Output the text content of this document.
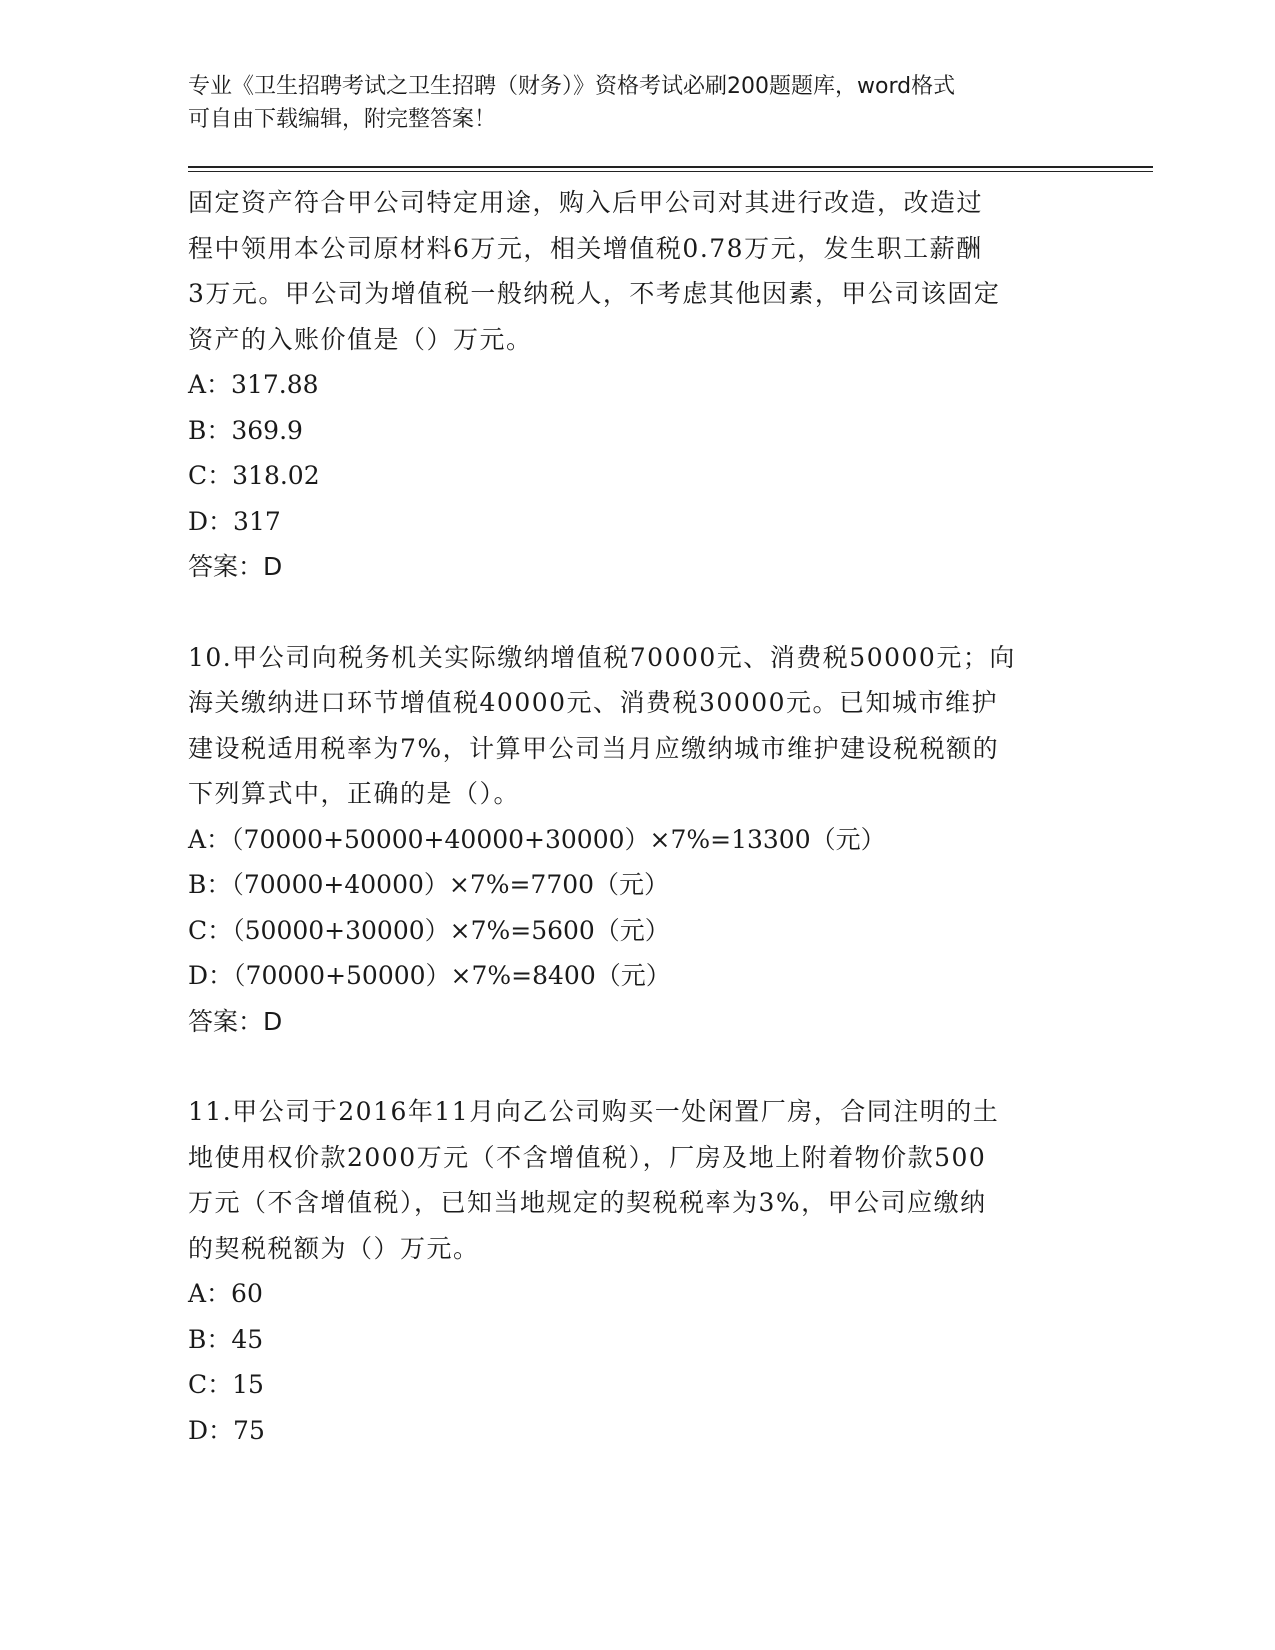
专业《卫生招聘考试之卫生招聘（财务）》资格考试必刷200题题库，word格式

可自由下载编辑，附完整答案！

固定资产符合甲公司特定用途，购入后甲公司对其进行改造，改造过

程中领用本公司原材料6万元，相关增值税0.78万元，发生职工薪酬

3万元。甲公司为增值税一般纳税人，不考虑其他因素，甲公司该固定

资产的入账价值是（）万元。

A：317.88

B：369.9

C：318.02

D：317

答案：D

10.甲公司向税务机关实际缴纳增值税70000元、消费税50000元；向

海关缴纳进口环节增值税40000元、消费税30000元。已知城市维护

建设税适用税率为7%，计算甲公司当月应缴纳城市维护建设税税额的

下列算式中，正确的是（）。

A：（70000+50000+40000+30000）×7%=13300（元）

B：（70000+40000）×7%=7700（元）

C：（50000+30000）×7%=5600（元）

D：（70000+50000）×7%=8400（元）

答案：D

11.甲公司于2016年11月向乙公司购买一处闲置厂房，合同注明的土

地使用权价款2000万元（不含增值税），厂房及地上附着物价款500

万元（不含增值税），已知当地规定的契税税率为3%，甲公司应缴纳

的契税税额为（）万元。

A：60

B：45

C：15

D：75
